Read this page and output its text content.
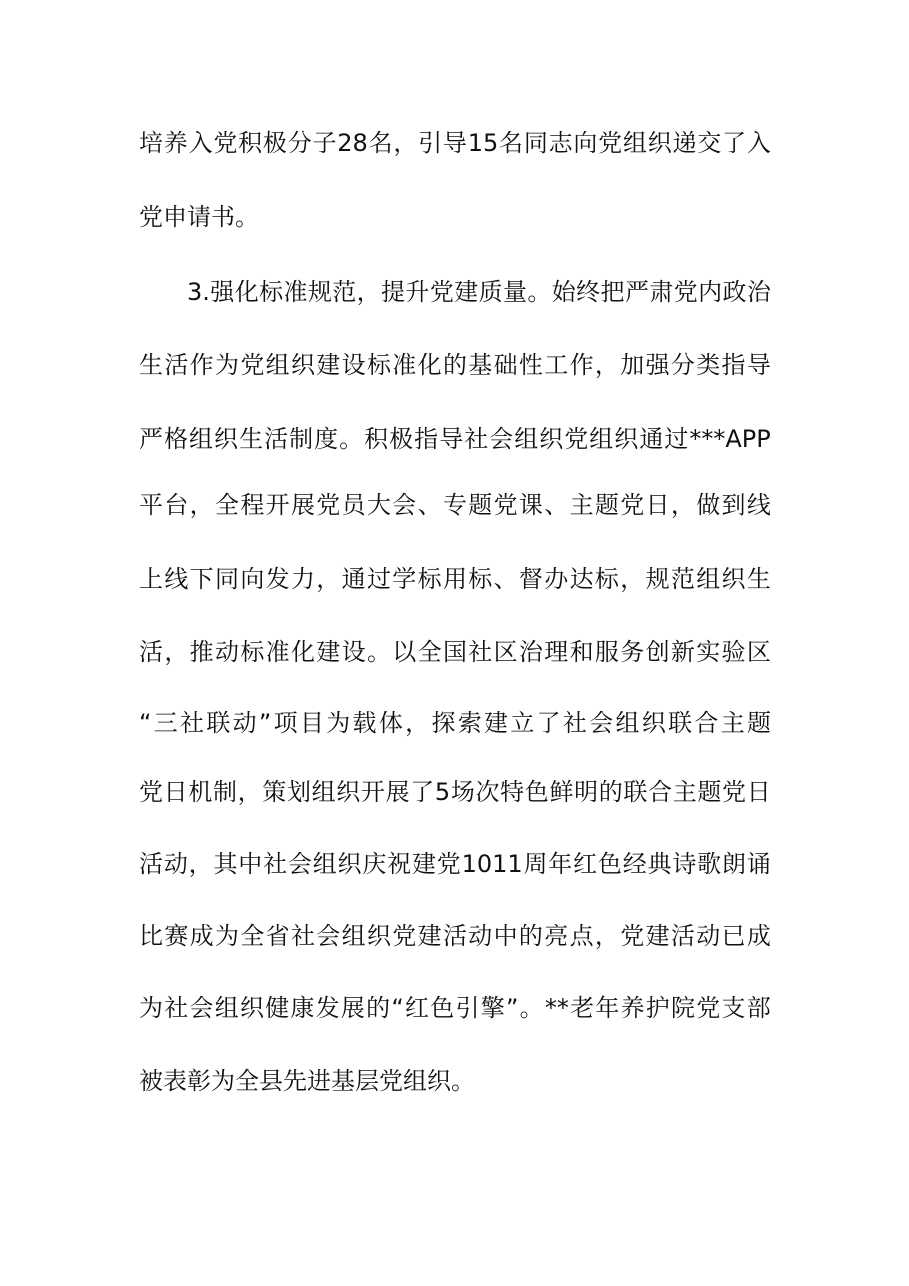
培 养 入 党 积 极 分 子 28 名 ， 引 导 15 名 同 志 向 党 组 织 递 交 了 入
党申请书。
3. 强 化 标 准 规 范 ， 提 升 党 建 质 量 。 始 终 把 严 肃 党 内 政 治
生 活 作 为 党 组 织 建 设 标 准 化 的 基 础 性 工 作 ， 加 强 分 类 指 导
严 格 组 织 生 活 制 度 。 积 极 指 导 社 会 组 织 党 组 织 通 过 ***APP
平 台 ， 全 程 开 展 党 员 大 会 、 专 题 党 课 、 主 题 党 日 ， 做 到 线
上 线 下 同 向 发 力 ， 通 过 学 标 用 标 、 督 办 达 标 ， 规 范 组 织 生
活 ， 推 动 标 准 化 建 设 。 以 全 国 社 区 治 理 和 服 务 创 新 实 验 区
“ 三 社 联 动 ” 项 目 为 载 体 ， 探 索 建 立 了 社 会 组 织 联 合 主 题
党 日 机 制 ， 策 划 组 织 开 展 了 5 场 次 特 色 鲜 明 的 联 合 主 题 党 日
活 动 ， 其 中 社 会 组 织 庆 祝 建 党 1011 周 年 红 色 经 典 诗 歌 朗 诵
比 赛 成 为 全 省 社 会 组 织 党 建 活 动 中 的 亮 点 ， 党 建 活 动 已 成
为 社 会 组 织 健 康 发 展 的 “ 红 色 引 擎 ” 。 ** 老 年 养 护 院 党 支 部
被表彰为全县先进基层党组织。
